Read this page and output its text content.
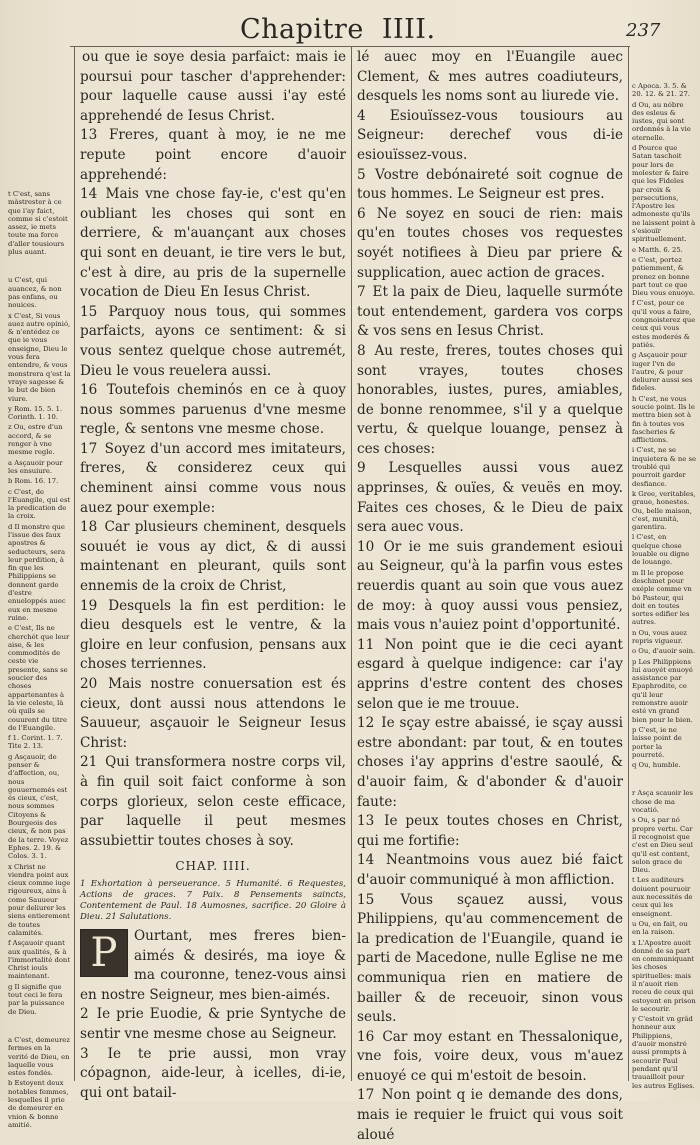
Chapitre IIII.	237
t C'est, sans màstrester à ce que i'ay faict, comme si c'estoit assez, ie mets toute ma force d'aller tousiours plus auant.
u C'est, qui auancez, & non pas enfans, ou nouices.
x C'est, Si vous auez autre opinió, & n'entédez ce que ie vous enseigne, Dieu le vous fera entendre, & vous monstrera q'est la vraye sagesse & le but de bien viure.
y Rom. 15. 5. 1. Corinth. 1. 10.
z Ou, estre d'un accord, & se renger à vne mesme regle.
a Asçauoir pour les ensuiure.
b Rom. 16. 17.
c C'est, de l'Euangile, qui est la predication de la croix.
d Il monstre que l'issue des faux apostres & seducteurs, sera leur perdition, à fin que les Philippiens se donnent garde d'estre enueloppés auec eux en mesme ruine.
e C'est, Ils ne cherchét que leur aise, & les commodités de ceste vie presente, sans se soucier des choses appartenantes à la vie celeste, là où quils se couurent du titre de l'Euangile.
f 1. Corint. 1. 7. Tite 2. 13.
g Asçauoir, de penser & d'affection, ou, nous gouuernemés est és cieux, c'est, nous sommes Citoyens & Bourgeois des cieux, & non pas de la terre. Voyez Ephes. 2. 19. & Colos. 3. 1.
x Christ ne viendra point aux cieux comme iuge rigoureux, ains à come Sauueur pour deliurer les siens entierement de toutes calamités.
f Asçauoir quant aux qualités, & à l'immortalité dont Christ iouïs maintenant.
g Il signifie que tout ceci le fera par la puissance de Dieu.
a C'est, demeurez fermes en la verité de Dieu, en laquelle vous estes fondés.
b Estoyent deux notables femmes, lesquelles il prie de demeurer en vnion & bonne amitié.
ou que ie soye desia parfaict: mais ie poursui pour tascher d'apprehender: pour laquelle cause aussi i'ay esté apprehendé de Iesus Christ.
13 Freres, quant à moy, ie ne me repute point encore d'auoir apprehendé:
14 Mais vne chose fay-ie, c'est qu'en oubliant les choses qui sont en derriere, & m'auançant aux choses qui sont en deuant, ie tire vers le but, c'est à dire, au pris de la supernelle vocation de Dieu En Iesus Christ.
15 Parquoy nous tous, qui sommes parfaicts, ayons ce sentiment: & si vous sentez quelque chose autremét, Dieu le vous reuelera aussi.
16 Toutefois cheminós en ce à quoy nous sommes paruenus d'vne mesme regle, & sentons vne mesme chose.
17 Soyez d'un accord mes imitateurs, freres, & considerez ceux qui cheminent ainsi comme vous nous auez pour exemple:
18 Car plusieurs cheminent, desquels souuét ie vous ay dict, & di aussi maintenant en pleurant, quils sont ennemis de la croix de Christ,
19 Desquels la fin est perdition: le dieu desquels est le ventre, & la gloire en leur confusion, pensans aux choses terriennes.
20 Mais nostre conuersation est és cieux, dont aussi nous attendons le Sauueur, asçauoir le Seigneur Iesus Christ:
21 Qui transformera nostre corps vil, à fin quil soit faict conforme à son corps glorieux, selon ceste efficace, par laquelle il peut mesmes assubiettir toutes choses à soy.
CHAP. IIII.
1 Exhortation à perseuerance. 5 Humanité. 6 Requestes, Actions de graces. 7 Paix. 8 Pensements saincts, Contentement de Paul. 18 Aumosnes, sacrifice. 20 Gloire à Dieu. 21 Salutations.
P	Ourtant, mes freres bien-aimés & desirés, ma ioye & ma couronne, tenez-vous ainsi en nostre Seigneur, mes bien-aimés.
2 Ie prie Euodie, & prie Syntyche de sentir vne mesme chose au Seigneur.
3 Ie te prie aussi, mon vray cópagnon, aide-leur, à icelles, di-ie, qui ont batail-
lé auec moy en l'Euangile auec Clement, & mes autres coadiuteurs, desquels les noms sont au liurede vie.
4 Esiouïssez-vous tousiours au Seigneur: derechef vous di-ie esiouïssez-vous.
5 Vostre debónaireté soit cognue de tous hommes. Le Seigneur est pres.
6 Ne soyez en souci de rien: mais qu'en toutes choses vos requestes soyét notifiees à Dieu par priere & supplication, auec action de graces.
7 Et la paix de Dieu, laquelle surmóte tout entendement, gardera vos corps & vos sens en Iesus Christ.
8 Au reste, freres, toutes choses qui sont vrayes, toutes choses honorables, iustes, pures, amiables, de bonne renommee, s'il y a quelque vertu, & quelque louange, pensez à ces choses:
9 Lesquelles aussi vous auez apprinses, & ouïes, & veuës en moy. Faites ces choses, & le Dieu de paix sera auec vous.
10 Or ie me suis grandement esioui au Seigneur, qu'à la parfin vous estes reuerdis quant au soin que vous auez de moy: à quoy aussi vous pensiez, mais vous n'auiez point d'opportunité.
11 Non point que ie die ceci ayant esgard à quelque indigence: car i'ay apprins d'estre content des choses selon que ie me trouue.
12 Ie sçay estre abaissé, ie sçay aussi estre abondant: par tout, & en toutes choses i'ay apprins d'estre saoulé, & d'auoir faim, & d'abonder & d'auoir faute:
13 Ie peux toutes choses en Christ, qui me fortifie:
14 Neantmoins vous auez bié faict d'auoir communiqué à mon affliction.
15 Vous sçauez aussi, vous Philippiens, qu'au commencement de la predication de l'Euangile, quand ie parti de Macedone, nulle Eglise ne me communiqua rien en matiere de bailler & de receuoir, sinon vous seuls.
16 Car moy estant en Thessalonique, vne fois, voire deux, vous m'auez enuoyé ce qui m'estoit de besoin.
17 Non point q ie demande des dons, mais ie requier le fruict qui vous soit aloué
c Apoca. 3. 5. & 20. 12. & 21. 27.
d Ou, au nóbre des esleus & iustes, qui sont ordonnés à la vie eternelle.
d Pource que Satan taschoit pour lors de molester & faire que les Fideles par croix & persecutions, l'Apostre les admoneste qu'ils ne laissent point à s'esiouïr spirituellement.
e Matth. 6. 25.
e C'est, portez patiemment, & prenez en bonne part tout ce que Dieu vous enuoye.
f C'est, pour ce qu'il vous a faire, congnoisterez que ceux qui vous estes moderés & patiés.
g Asçauoir pour iuger l'vn de l'autre, & pour deliurer aussi ses fideles.
h C'est, ne vous soucie point. Ils le mettra bien sot à fin à toutes vos fascheries & afflictions.
i C'est, ne se inquietera & ne se troublé qui pourroit garder desfiance.
k Gree, veritables, graue, honestes. Ou, belle maison, c'est, munitá, garentira.
l C'est, en quelque chose louable ou digne de louange.
m Il le propose deschmet pour exéple comme vn bó Pasteur, qui doit en toutes sortes edifier les autres.
n Ou, vous auez repris vigueur.
o Ou, d'auoir soin.
p Les Philippiens lui auoyét enuoyé assistance par Epaphrodite, ce qu'il leur remonstre auoir esté vn grand bien pour le bien.
p C'est, ie ne laisse point de porter la pourreté.
q Ou, humble.
r Asça scauoir les chose de ma vocatió.
s Ou, s par nó propre vertu. Car il recognoist que c'est en Dieu seul qu'il est content, selon grace de Dieu.
t Les auditeurs doiuent pouruoir aux necessités de ceux qui les enseignent.
u Ou, en fait, ou en la raison.
x L'Apostre auoit donné de sa part en communiquant les choses spirituelles: mais il n'auoit rien receu de ceux qui estoyent en prison le secourir.
y C'estoit vn grâd honneur aux Philippiens, d'auoir monstré aussi prompts à secourir Paul pendant qu'il trauailloit pour les autres Eglises.
